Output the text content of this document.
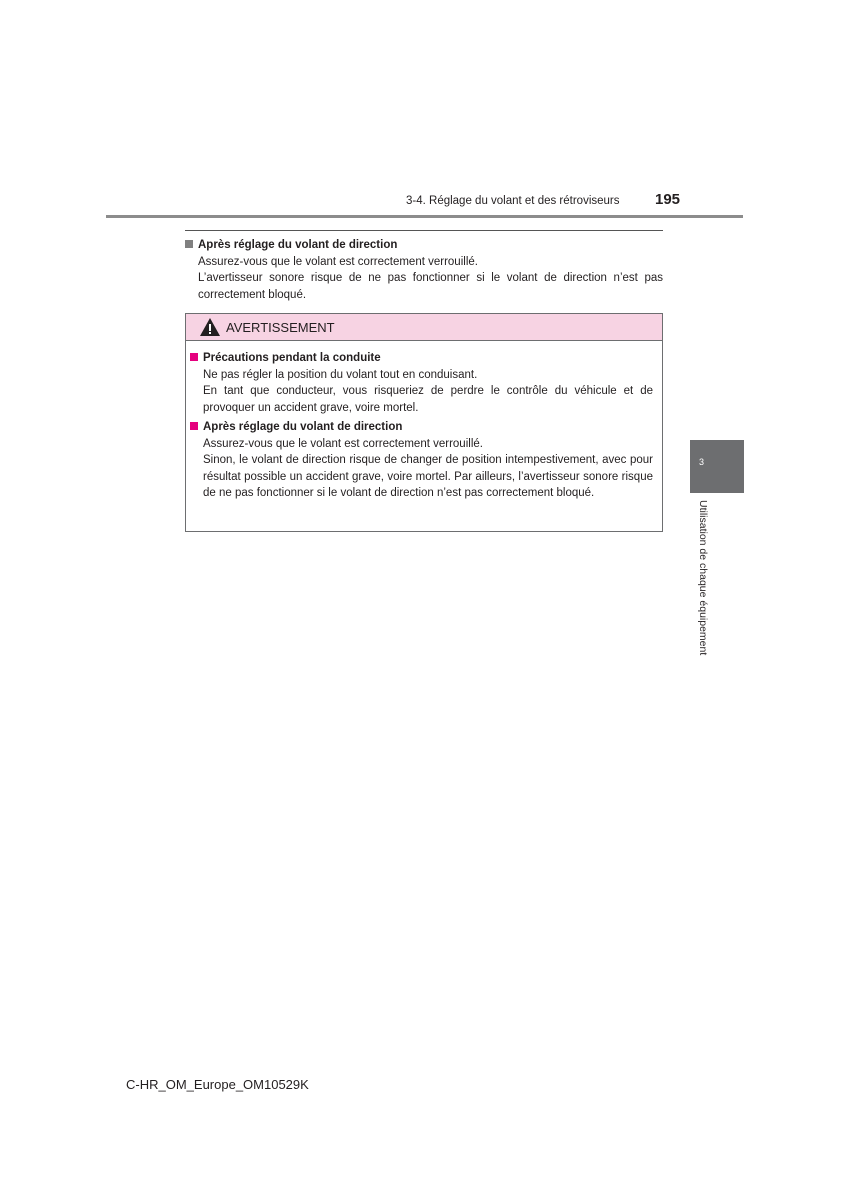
3-4. Réglage du volant et des rétroviseurs 195
Après réglage du volant de direction
Assurez-vous que le volant est correctement verrouillé.
L’avertisseur sonore risque de ne pas fonctionner si le volant de direction n’est pas correctement bloqué.
AVERTISSEMENT
Précautions pendant la conduite
Ne pas régler la position du volant tout en conduisant.
En tant que conducteur, vous risqueriez de perdre le contrôle du véhicule et de provoquer un accident grave, voire mortel.
Après réglage du volant de direction
Assurez-vous que le volant est correctement verrouillé.
Sinon, le volant de direction risque de changer de position intempestivement, avec pour résultat possible un accident grave, voire mortel. Par ailleurs, l’avertisseur sonore risque de ne pas fonctionner si le volant de direction n’est pas correctement bloqué.
3
Utilisation de chaque équipement
C-HR_OM_Europe_OM10529K
